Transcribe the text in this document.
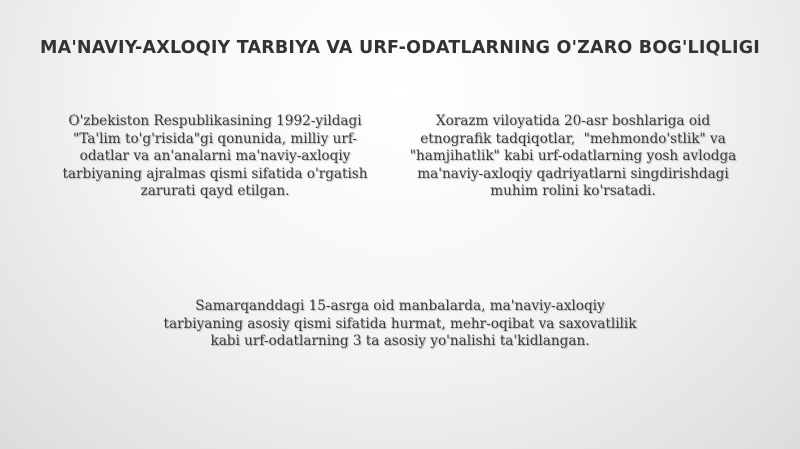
MA'NAVIY-AXLOQIY TARBIYA VA URF-ODATLARNING O'ZARO BOG'LIQLIGI
O'zbekiston Respublikasining 1992-yildagi
"Ta'lim to'g'risida"gi qonunida, milliy urf-
odatlar va an'analarni ma'naviy-axloqiy
tarbiyaning ajralmas qismi sifatida o'rgatish
zarurati qayd etilgan.
Xorazm viloyatida 20-asr boshlariga oid
etnografik tadqiqotlar,  "mehmondo'stlik" va
"hamjihatlik" kabi urf-odatlarning yosh avlodga
ma'naviy-axloqiy qadriyatlarni singdirishdagi
muhim rolini ko'rsatadi.
Samarqanddagi 15-asrga oid manbalarda, ma'naviy-axloqiy
tarbiyaning asosiy qismi sifatida hurmat, mehr-oqibat va saxovatlilik
kabi urf-odatlarning 3 ta asosiy yo'nalishi ta'kidlangan.
